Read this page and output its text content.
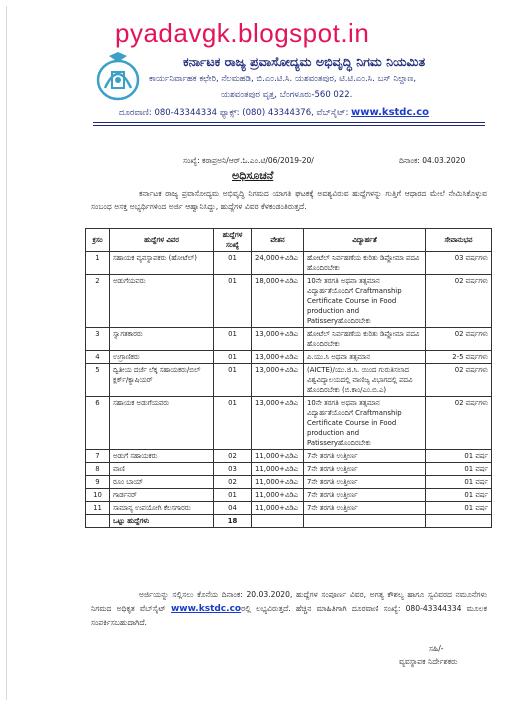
pyadavgk.blogspot.in
ಕರ್ನಾಟಕ ರಾಜ್ಯ ಪ್ರವಾಸೋದ್ಯಮ ಅಭಿವೃದ್ಧಿ ನಿಗಮ ನಿಯಮಿತ
ಕಾರ್ಯನಿರ್ವಾಹಕ ಕಛೇರಿ, ನೆಲಮಹಡಿ, ಬಿ.ಎಂ.ಟಿ.ಸಿ. ಯಶವಂತಪುರ, ಟಿ.ಟಿ.ಎಂ.ಸಿ. ಬಸ್ ನಿಲ್ದಾಣ,
ಯಶವಂತಪುರ ವೃತ್ತ, ಬೆಂಗಳೂರು-560 022.
ದೂರವಾಣಿ: 080-43344334 ಫ್ಯಾಕ್ಸ್: (080) 43344376, ವೆಬ್‌ಸೈಟ್: www.kstdc.co
ಸಂಖ್ಯೆ: ಕರಾಪ್ರಅನಿ/ಆರ್.ಓ.ಎಂ.ಟಿ/06/2019-20/	ದಿನಾಂಕ: 04.03.2020
ಅಧಿಸೂಚನೆ
ಕರ್ನಾಟಕ ರಾಜ್ಯ ಪ್ರವಾಸೋದ್ಯಮ ಅಭಿವೃದ್ಧಿ ನಿಗಮದ ಯಾಗತಿ ಘಟಕಕ್ಕೆ ಅವಶ್ಯವಿರುವ ಹುದ್ದೆಗಳನ್ನು ಗುತ್ತಿಗೆ ಆಧಾರದ ಮೇಲೆ ನೇಮಿಸಿಕೊಳ್ಳುವ ಸಂಬಂಧ ಅಸಕ್ತ ಅಭ್ಯರ್ಥಿಗಳಿಂದ ಅರ್ಜಿ ಆಹ್ವಾನಿಸಿದ್ದು, ಹುದ್ದೆಗಳ ವಿವರ ಕೆಳಕಂಡಂತಿರುತ್ತದೆ.
ಕ್ರಸಂ	ಹುದ್ದೆಗಳ ವಿವರ	ಹುದ್ದೆಗಳ ಸಂಖ್ಯೆ	ವೇತನ	ವಿದ್ಯಾರ್ಹತೆ	ಸೇವಾನುಭವ
1	ಸಹಾಯಕ ವ್ಯವಸ್ಥಾಪಕರು (ಹೋಟೆಲ್)	01	24,000+ವಿಡಿಎ	ಹೋಟೆಲ್ ನಿರ್ವಹಣೆಯ ಕುರಿತು ಡಿಪ್ಲೋಮಾ ಪದವಿ ಹೊಂದಿರಬೇಕು	03 ವರ್ಷಗಳು
2	ಅಡುಗೆಯವರು	01	18,000+ವಿಡಿಎ	10ನೇ ತರಗತಿ ಅಥವಾ ತತ್ಸಮಾನ ವಿದ್ಯಾರ್ಹತೆಯೊಂದಿಗೆ Craftmanship Certificate Course in Food production and Patisseryಹೊಂದಿರಬೇಕು	02 ವರ್ಷಗಳು
3	ಸ್ವಾಗತಕಾರರು	01	13,000+ವಿಡಿಎ	ಹೋಟೆಲ್ ನಿರ್ವಹಣೆಯ ಕುರಿತು ಡಿಪ್ಲೋಮಾ ಪದವಿ ಹೊಂದಿರಬೇಕು	02 ವರ್ಷಗಳು
4	ಉಗ್ರಾಣಿಕರು	01	13,000+ವಿಡಿಎ	ಪಿ.ಯು.ಸಿ ಅಥವಾ ತತ್ಸಮಾನ	2-5 ವರ್ಷಗಳು
5	ದ್ವಿತೀಯ ದರ್ಜೆ ಲೆಕ್ಕ ಸಹಾಯಕರು/ಬಿಲ್ ಕ್ಲರ್ಕ್/ಕ್ಯಾಷಿಯರ್	01	13,000+ವಿಡಿಎ	(AICTE)/ಯು.ಜಿ.ಸಿ. ಯಿಂದ ಗುರುತಿಸಲಾದ ವಿಶ್ವವಿದ್ಯಾಲಯದಲ್ಲಿ ವಾಣಿಜ್ಯ ವಿಭಾಗದಲ್ಲಿ ಪದವಿ ಹೊಂದಿರಬೇಕು (ಬಿ.ಕಾಂ/ಎಂ.ಬಿ.ಎ)	02 ವರ್ಷಗಳು
6	ಸಹಾಯಕ ಅಡುಗೆಯವರು	01	13,000+ವಿಡಿಎ	10ನೇ ತರಗತಿ ಅಥವಾ ತತ್ಸಮಾನ ವಿದ್ಯಾರ್ಹತೆಯೊಂದಿಗೆ Craftmanship Certificate Course in Food production and Patisseryಹೊಂದಿರಬೇಕು	02 ವರ್ಷಗಳು
7	ಅಡುಗೆ ಸಹಾಯಕರು	02	11,000+ವಿಡಿಎ	7ನೇ ತರಗತಿ ಉತ್ತೀರ್ಣ	01 ವರ್ಷ
8	ವಾಣಿ	03	11,000+ವಿಡಿಎ	7ನೇ ತರಗತಿ ಉತ್ತೀರ್ಣ	01 ವರ್ಷ
9	ರೂಂ ಬಾಯ್	02	11,000+ವಿಡಿಎ	7ನೇ ತರಗತಿ ಉತ್ತೀರ್ಣ	01 ವರ್ಷ
10	ಗಾರ್ಡನರ್	01	11,000+ವಿಡಿಎ	7ನೇ ತರಗತಿ ಉತ್ತೀರ್ಣ	01 ವರ್ಷ
11	ಸಾಮಾನ್ಯ ಉಪಯೋಗಿ ಕೆಲಸಗಾರರು	04	11,000+ವಿಡಿಎ	7ನೇ ತರಗತಿ ಉತ್ತೀರ್ಣ	01 ವರ್ಷ
	ಒಟ್ಟು ಹುದ್ದೆಗಳು	18			
ಅರ್ಜಿಯನ್ನು ಸಲ್ಲಿಸಲು ಕೊನೆಯ ದಿನಾಂಕ: 20.03.2020, ಹುದ್ದೆಗಳ ಸಂಪೂರ್ಣ ವಿವರ, ಅಗತ್ಯ ಕೌಶಲ್ಯ ಹಾಗೂ ಸ್ವವಿವರದ ನಮೂನೆಗಳು ನಿಗಮದ ಅಧಿಕೃತ ವೆಬ್‌ಸೈಟ್ www.kstdc.coರಲ್ಲಿ ಲಭ್ಯವಿರುತ್ತದೆ. ಹೆಚ್ಚಿನ ಮಾಹಿತಿಗಾಗಿ ದೂರವಾಣಿ ಸಂಖ್ಯೆ: 080-43344334 ಮೂಲಕ ಸಂಪರ್ಕಿಸಬಹುದಾಗಿದೆ.
ಸಹಿ/-
ವ್ಯವಸ್ಥಾಪಕ ನಿರ್ದೇಶಕರು
